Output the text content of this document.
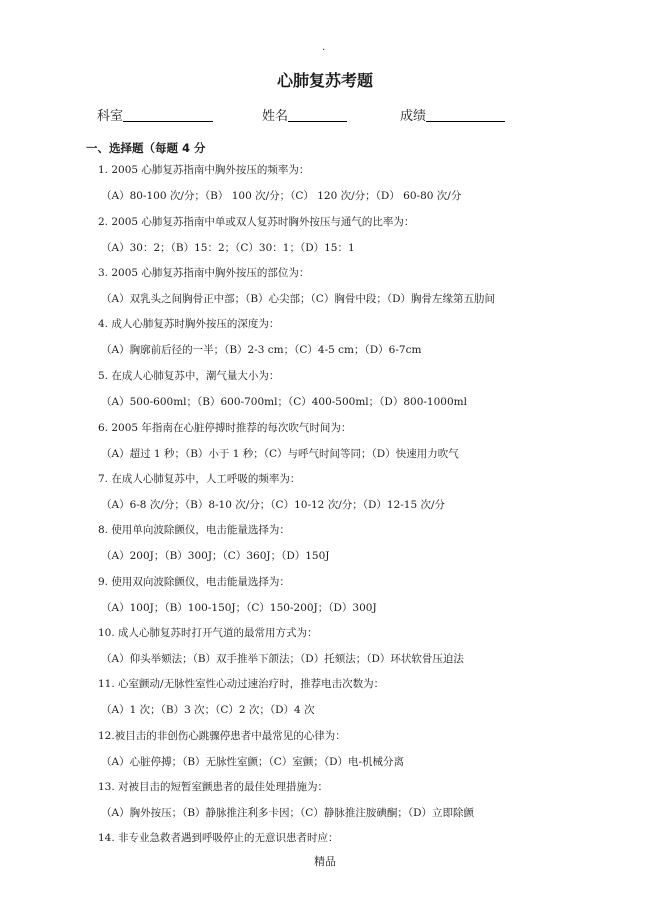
.
心肺复苏考题
科室	姓名	成绩
一、选择题（每题 4 分
1. 2005 心肺复苏指南中胸外按压的频率为：
（A）80-100 次/分；（B） 100 次/分；（C） 120 次/分；（D） 60-80 次/分
2. 2005 心肺复苏指南中单或双人复苏时胸外按压与通气的比率为：
（A）30：2；（B）15：2；（C）30：1；（D）15：1
3. 2005 心肺复苏指南中胸外按压的部位为：
（A）双乳头之间胸骨正中部；（B）心尖部；（C）胸骨中段；（D）胸骨左缘第五肋间
4. 成人心肺复苏时胸外按压的深度为：
（A）胸廓前后径的一半；（B）2-3 cm；（C）4-5 cm；（D）6-7cm
5. 在成人心肺复苏中，潮气量大小为：
（A）500-600ml；（B）600-700ml；（C）400-500ml；（D）800-1000ml
6. 2005 年指南在心脏停搏时推荐的每次吹气时间为：
（A）超过 1 秒；（B）小于 1 秒；（C）与呼气时间等同；（D）快速用力吹气
7. 在成人心肺复苏中，人工呼吸的频率为：
（A）6-8 次/分；（B）8-10 次/分；（C）10-12 次/分；（D）12-15 次/分
8. 使用单向波除颤仪，电击能量选择为：
（A）200J；（B）300J；（C）360J；（D）150J
9. 使用双向波除颤仪，电击能量选择为：
（A）100J；（B）100-150J；（C）150-200J；（D）300J
10. 成人心肺复苏时打开气道的最常用方式为：
（A）仰头举颏法；（B）双手推举下颌法；（D）托颏法；（D）环状软骨压迫法
11. 心室颤动/无脉性室性心动过速治疗时，推荐电击次数为：
（A）1 次；（B）3 次；（C）2 次；（D）4 次
12.被目击的非创伤心跳骤停患者中最常见的心律为：
（A）心脏停搏；（B）无脉性室颤；（C）室颤；（D）电-机械分离
13. 对被目击的短暂室颤患者的最佳处理措施为：
（A）胸外按压；（B）静脉推注利多卡因；（C）静脉推注胺碘酮；（D）立即除颤
14. 非专业急救者遇到呼吸停止的无意识患者时应：
精品
